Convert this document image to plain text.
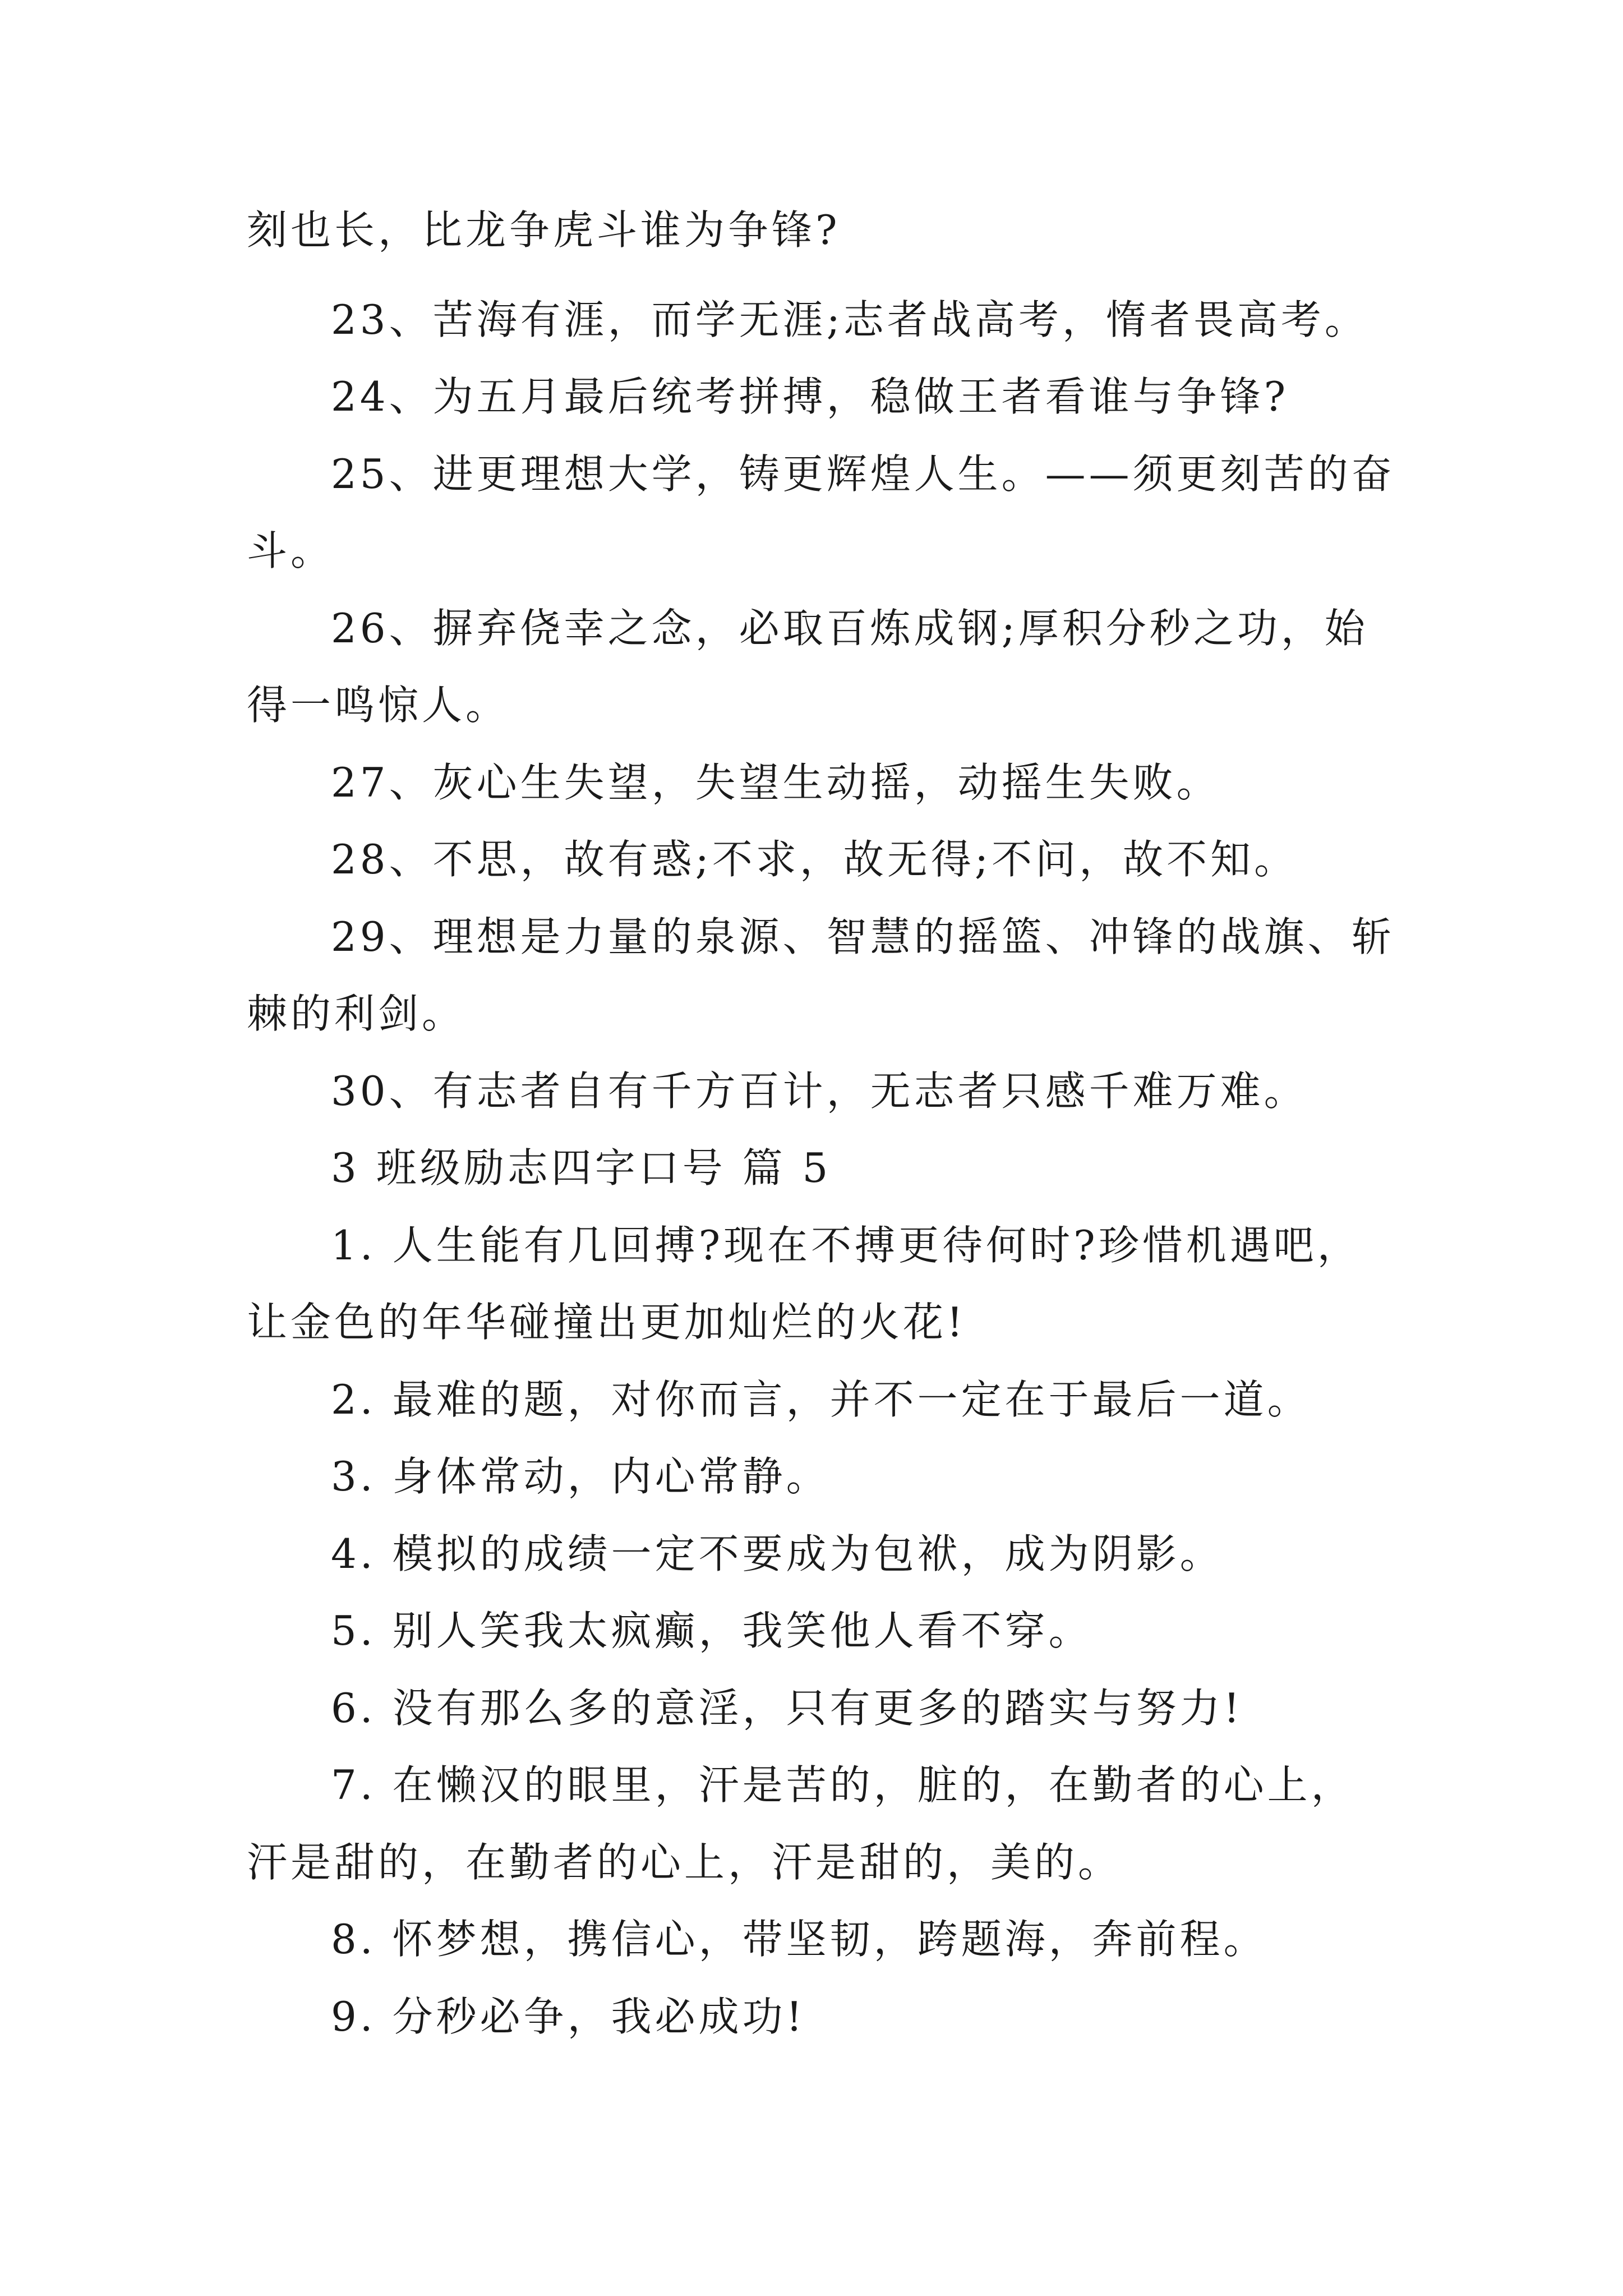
刻也长，比龙争虎斗谁为争锋?
23、苦海有涯，而学无涯;志者战高考，惰者畏高考。
24、为五月最后统考拼搏，稳做王者看谁与争锋?
25、进更理想大学，铸更辉煌人生。——须更刻苦的奋
斗。
26、摒弃侥幸之念，必取百炼成钢;厚积分秒之功，始
得一鸣惊人。
27、灰心生失望，失望生动摇，动摇生失败。
28、不思，故有惑;不求，故无得;不问，故不知。
29、理想是力量的泉源、智慧的摇篮、冲锋的战旗、斩
棘的利剑。
30、有志者自有千方百计，无志者只感千难万难。
3 班级励志四字口号 篇 5
1. 人生能有几回搏?现在不搏更待何时?珍惜机遇吧，
让金色的年华碰撞出更加灿烂的火花!
2. 最难的题，对你而言，并不一定在于最后一道。
3. 身体常动，内心常静。
4. 模拟的成绩一定不要成为包袱，成为阴影。
5. 别人笑我太疯癫，我笑他人看不穿。
6. 没有那么多的意淫，只有更多的踏实与努力!
7. 在懒汉的眼里，汗是苦的，脏的，在勤者的心上，
汗是甜的，在勤者的心上，汗是甜的，美的。
8. 怀梦想，携信心，带坚韧，跨题海，奔前程。
9. 分秒必争，我必成功!
